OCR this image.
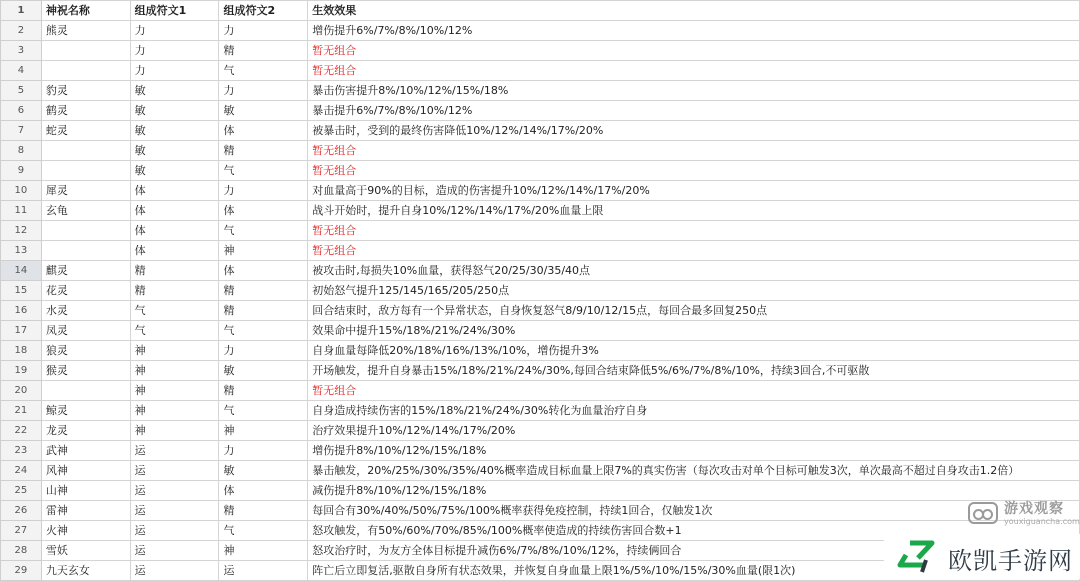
1	神祝名称	组成符文1	组成符文2	生效效果
2	熊灵	力	力	增伤提升6%/7%/8%/10%/12%
3		力	精	暂无组合
4		力	气	暂无组合
5	豹灵	敏	力	暴击伤害提升8%/10%/12%/15%/18%
6	鹤灵	敏	敏	暴击提升6%/7%/8%/10%/12%
7	蛇灵	敏	体	被暴击时，受到的最终伤害降低10%/12%/14%/17%/20%
8		敏	精	暂无组合
9		敏	气	暂无组合
10	犀灵	体	力	对血量高于90%的目标，造成的伤害提升10%/12%/14%/17%/20%
11	玄龟	体	体	战斗开始时，提升自身10%/12%/14%/17%/20%血量上限
12		体	气	暂无组合
13		体	神	暂无组合
14	麒灵	精	体	被攻击时,每损失10%血量，获得怒气20/25/30/35/40点
15	花灵	精	精	初始怒气提升125/145/165/205/250点
16	水灵	气	精	回合结束时，敌方每有一个异常状态，自身恢复怒气8/9/10/12/15点，每回合最多回复250点
17	凤灵	气	气	效果命中提升15%/18%/21%/24%/30%
18	狼灵	神	力	自身血量每降低20%/18%/16%/13%/10%，增伤提升3%
19	猴灵	神	敏	开场触发，提升自身暴击15%/18%/21%/24%/30%,每回合结束降低5%/6%/7%/8%/10%，持续3回合,不可驱散
20		神	精	暂无组合
21	鲸灵	神	气	自身造成持续伤害的15%/18%/21%/24%/30%转化为血量治疗自身
22	龙灵	神	神	治疗效果提升10%/12%/14%/17%/20%
23	武神	运	力	增伤提升8%/10%/12%/15%/18%
24	风神	运	敏	暴击触发，20%/25%/30%/35%/40%概率造成目标血量上限7%的真实伤害（每次攻击对单个目标可触发3次，单次最高不超过自身攻击1.2倍）
25	山神	运	体	减伤提升8%/10%/12%/15%/18%
26	雷神	运	精	每回合有30%/40%/50%/75%/100%概率获得免疫控制，持续1回合，仅触发1次
27	火神	运	气	怒攻触发，有50%/60%/70%/85%/100%概率使造成的持续伤害回合数+1
28	雪妖	运	神	怒攻治疗时，为友方全体目标提升减伤6%/7%/8%/10%/12%，持续俩回合
29	九天玄女	运	运	阵亡后立即复活,驱散自身所有状态效果，并恢复自身血量上限1%/5%/10%/15%/30%血量(限1次)
游戏观察
youxiguancha.com
欧凯手游网
